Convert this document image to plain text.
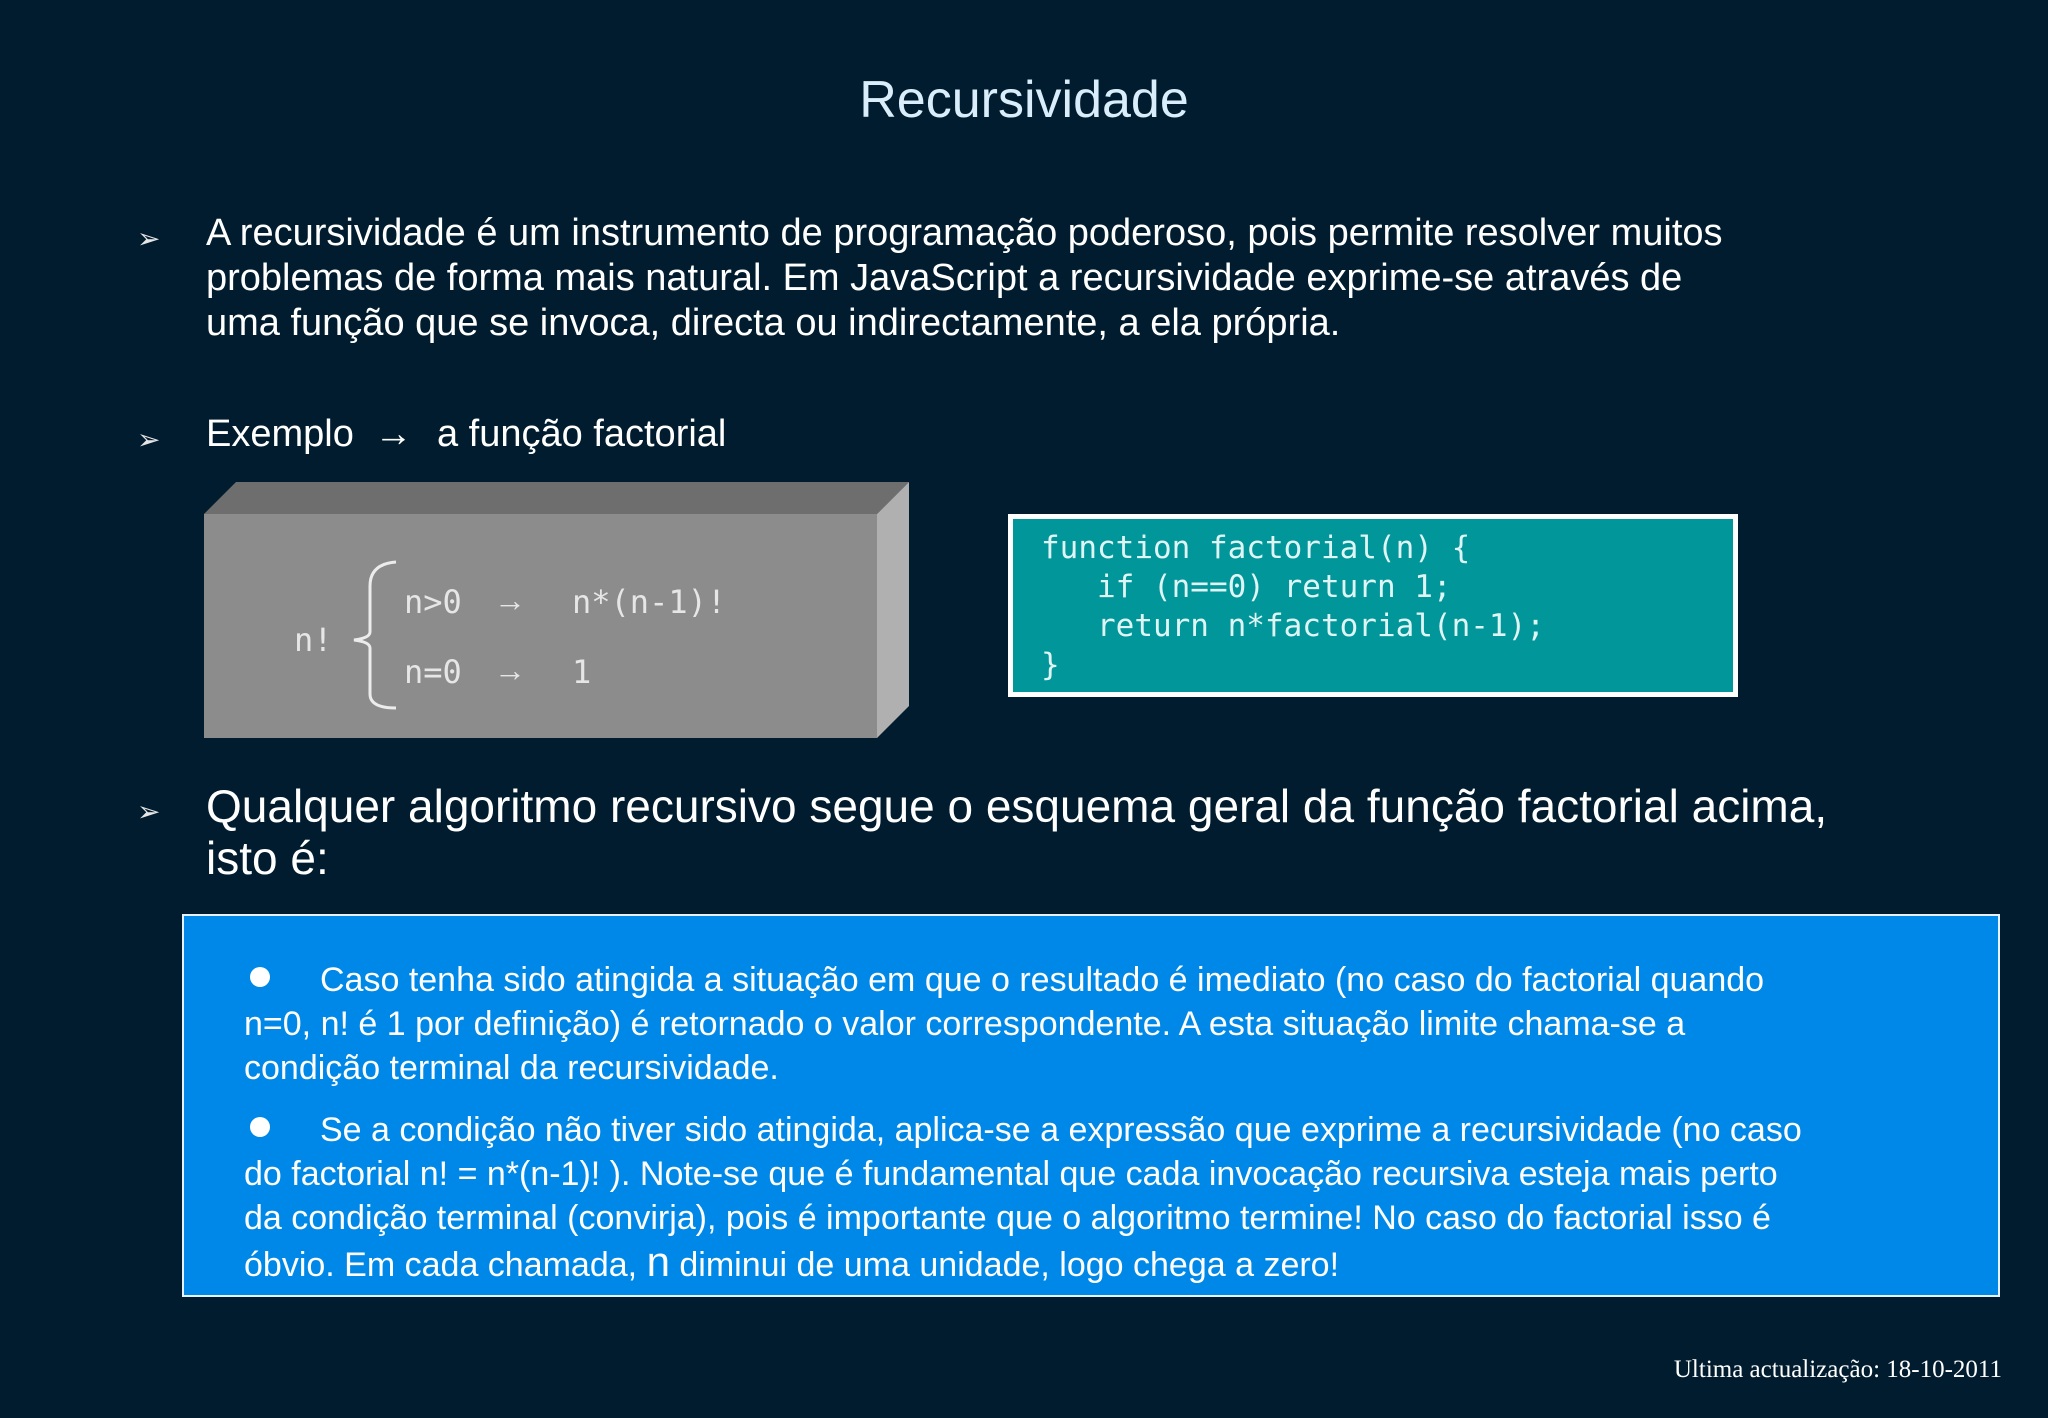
Recursividade
➢ A recursividade é um instrumento de programação poderoso, pois permite resolver muitos
problemas de forma mais natural. Em JavaScript a recursividade exprime-se através de
uma função que se invoca, directa ou indirectamente, a ela própria.
➢ Exemplo → a função factorial
n!
n>0 → n*(n-1)!
n=0 → 1
function factorial(n) {
if (n==0) return 1;
return n*factorial(n-1);
}
➢ Qualquer algoritmo recursivo segue o esquema geral da função factorial acima,
isto é:
Caso tenha sido atingida a situação em que o resultado é imediato (no caso do factorial quando
n=0, n! é 1 por definição) é retornado o valor correspondente. A esta situação limite chama-se a
condição terminal da recursividade.
Se a condição não tiver sido atingida, aplica-se a expressão que exprime a recursividade (no caso
do factorial n! = n*(n-1)! ). Note-se que é fundamental que cada invocação recursiva esteja mais perto
da condição terminal (convirja), pois é importante que o algoritmo termine! No caso do factorial isso é
óbvio. Em cada chamada, n diminui de uma unidade, logo chega a zero!
Ultima actualização: 18-10-2011
